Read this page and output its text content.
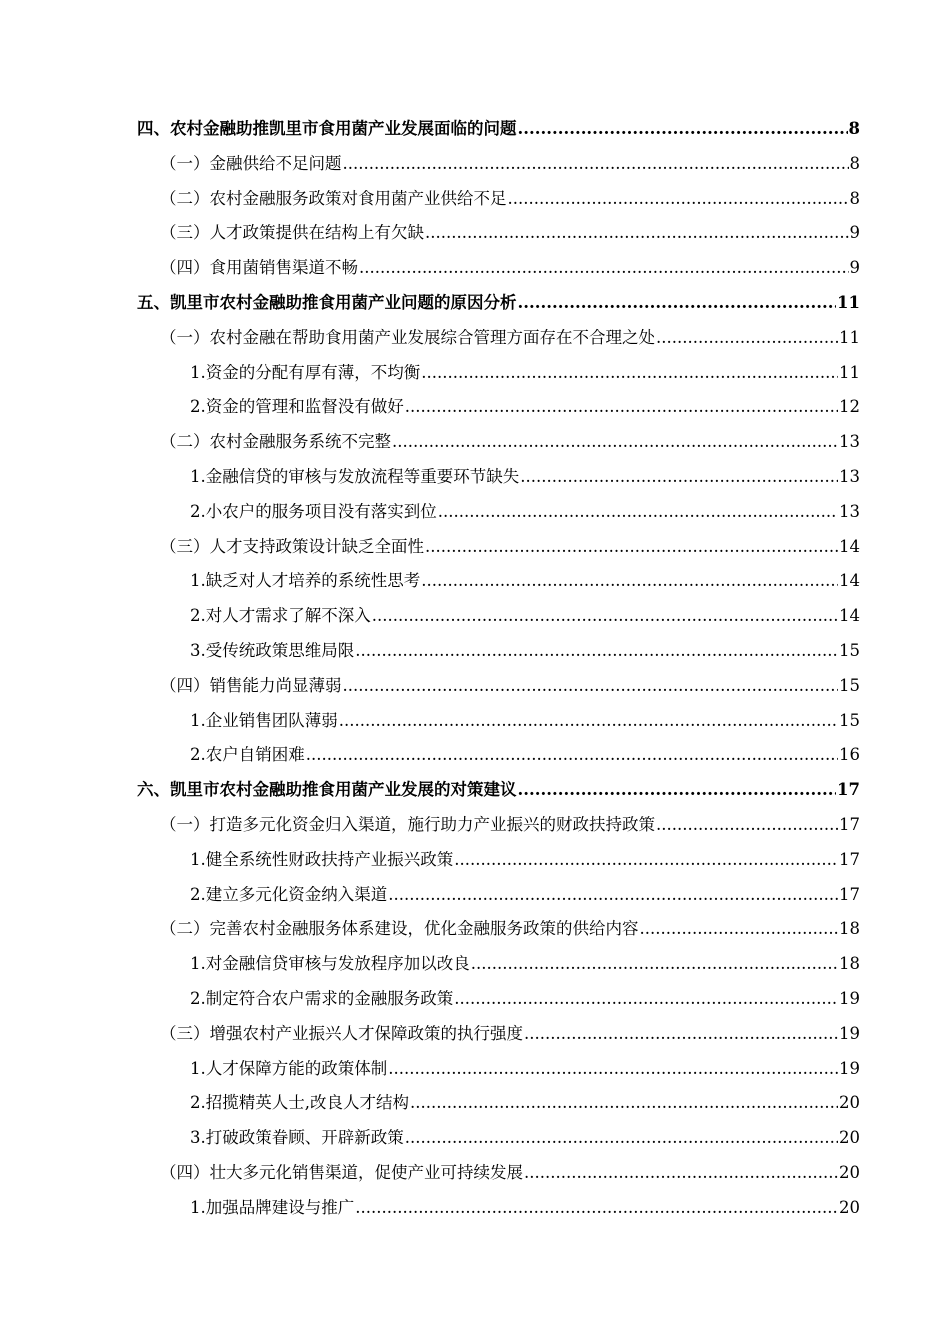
四、农村金融助推凯里市食用菌产业发展面临的问题 .....	8
（一）金融供给不足问题 .....	8
（二）农村金融服务政策对食用菌产业供给不足 .....	8
（三）人才政策提供在结构上有欠缺 .....	9
（四）食用菌销售渠道不畅 .....	9
五、凯里市农村金融助推食用菌产业问题的原因分析 .....	11
（一）农村金融在帮助食用菌产业发展综合管理方面存在不合理之处 .....	11
1.资金的分配有厚有薄，不均衡 .....	11
2.资金的管理和监督没有做好 .....	12
（二）农村金融服务系统不完整 .....	13
1.金融信贷的审核与发放流程等重要环节缺失 .....	13
2.小农户的服务项目没有落实到位 .....	13
（三）人才支持政策设计缺乏全面性 .....	14
1.缺乏对人才培养的系统性思考 .....	14
2.对人才需求了解不深入 .....	14
3.受传统政策思维局限 .....	15
（四）销售能力尚显薄弱 .....	15
1.企业销售团队薄弱 .....	15
2.农户自销困难 .....	16
六、凯里市农村金融助推食用菌产业发展的对策建议 .....	17
（一）打造多元化资金归入渠道，施行助力产业振兴的财政扶持政策 .....	17
1.健全系统性财政扶持产业振兴政策 .....	17
2.建立多元化资金纳入渠道 .....	17
（二）完善农村金融服务体系建设，优化金融服务政策的供给内容 .....	18
1.对金融信贷审核与发放程序加以改良 .....	18
2.制定符合农户需求的金融服务政策 .....	19
（三）增强农村产业振兴人才保障政策的执行强度 .....	19
1.人才保障方能的政策体制 .....	19
2.招揽精英人士,改良人才结构 .....	20
3.打破政策眷顾、开辟新政策 .....	20
（四）壮大多元化销售渠道，促使产业可持续发展 .....	20
1.加强品牌建设与推广 .....	20
